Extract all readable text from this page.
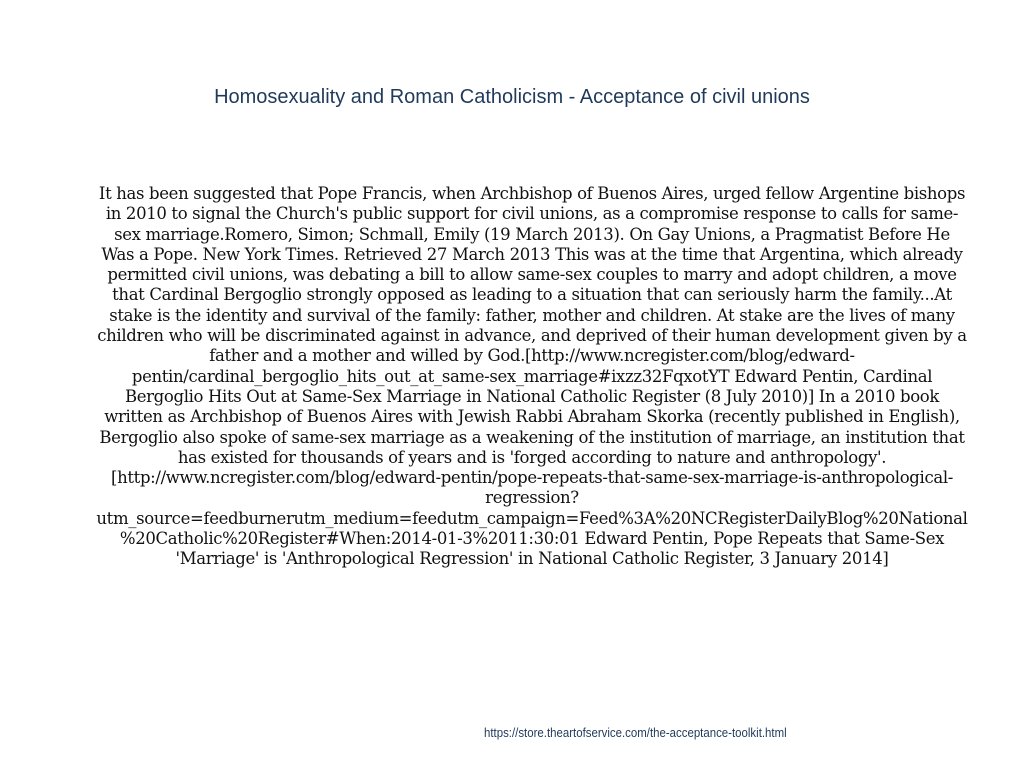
Homosexuality and Roman Catholicism - Acceptance of civil unions

It has been suggested that Pope Francis, when Archbishop of Buenos Aires, urged fellow Argentine bishops in 2010 to signal the Church's public support for civil unions, as a compromise response to calls for same-sex marriage.Romero, Simon; Schmall, Emily (19 March 2013). On Gay Unions, a Pragmatist Before He Was a Pope. New York Times. Retrieved 27 March 2013 This was at the time that Argentina, which already permitted civil unions, was debating a bill to allow same-sex couples to marry and adopt children, a move that Cardinal Bergoglio strongly opposed as leading to a situation that can seriously harm the family...At stake is the identity and survival of the family: father, mother and children. At stake are the lives of many children who will be discriminated against in advance, and deprived of their human development given by a father and a mother and willed by God.[http://www.ncregister.com/blog/edward-pentin/cardinal_bergoglio_hits_out_at_same-sex_marriage#ixzz32FqxotYT Edward Pentin, Cardinal Bergoglio Hits Out at Same-Sex Marriage in National Catholic Register (8 July 2010)] In a 2010 book written as Archbishop of Buenos Aires with Jewish Rabbi Abraham Skorka (recently published in English), Bergoglio also spoke of same-sex marriage as a weakening of the institution of marriage, an institution that has existed for thousands of years and is 'forged according to nature and anthropology'.[http://www.ncregister.com/blog/edward-pentin/pope-repeats-that-same-sex-marriage-is-anthropological-regression?utm_source=feedburnerutm_medium=feedutm_campaign=Feed%3A%20NCRegisterDailyBlog%20National%20Catholic%20Register#When:2014-01-3%2011:30:01 Edward Pentin, Pope Repeats that Same-Sex 'Marriage' is 'Anthropological Regression' in National Catholic Register, 3 January 2014]

https://store.theartofservice.com/the-acceptance-toolkit.html
